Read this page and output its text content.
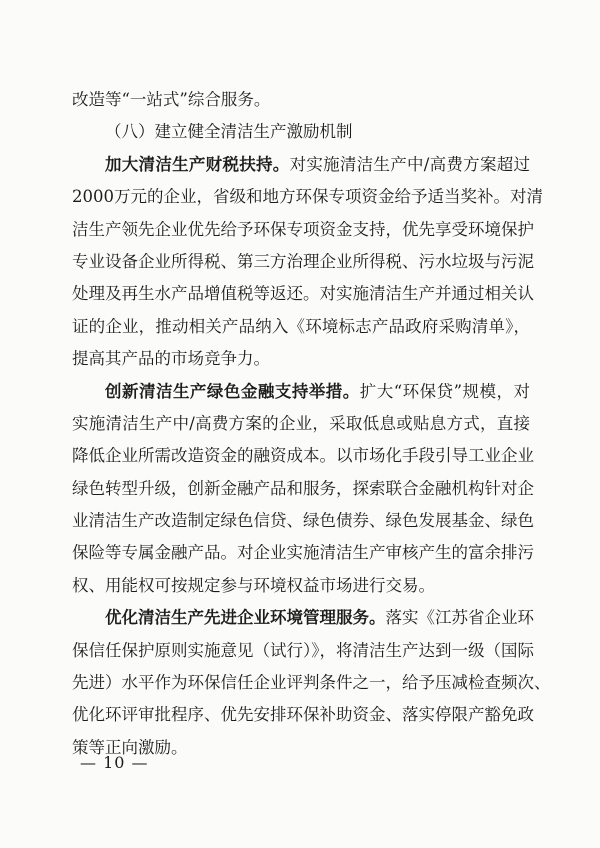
改造等“一站式”综合服务。
（八）建立健全清洁生产激励机制
加大清洁生产财税扶持。对实施清洁生产中/高费方案超过
2000万元的企业，省级和地方环保专项资金给予适当奖补。对清
洁生产领先企业优先给予环保专项资金支持，优先享受环境保护
专业设备企业所得税、第三方治理企业所得税、污水垃圾与污泥
处理及再生水产品增值税等返还。对实施清洁生产并通过相关认
证的企业，推动相关产品纳入《环境标志产品政府采购清单》，
提高其产品的市场竞争力。
创新清洁生产绿色金融支持举措。扩大“环保贷”规模，对
实施清洁生产中/高费方案的企业，采取低息或贴息方式，直接
降低企业所需改造资金的融资成本。以市场化手段引导工业企业
绿色转型升级，创新金融产品和服务，探索联合金融机构针对企
业清洁生产改造制定绿色信贷、绿色债券、绿色发展基金、绿色
保险等专属金融产品。对企业实施清洁生产审核产生的富余排污
权、用能权可按规定参与环境权益市场进行交易。
优化清洁生产先进企业环境管理服务。落实《江苏省企业环
保信任保护原则实施意见（试行）》，将清洁生产达到一级（国际
先进）水平作为环保信任企业评判条件之一，给予压减检查频次、
优化环评审批程序、优先安排环保补助资金、落实停限产豁免政
策等正向激励。
— 10 —
